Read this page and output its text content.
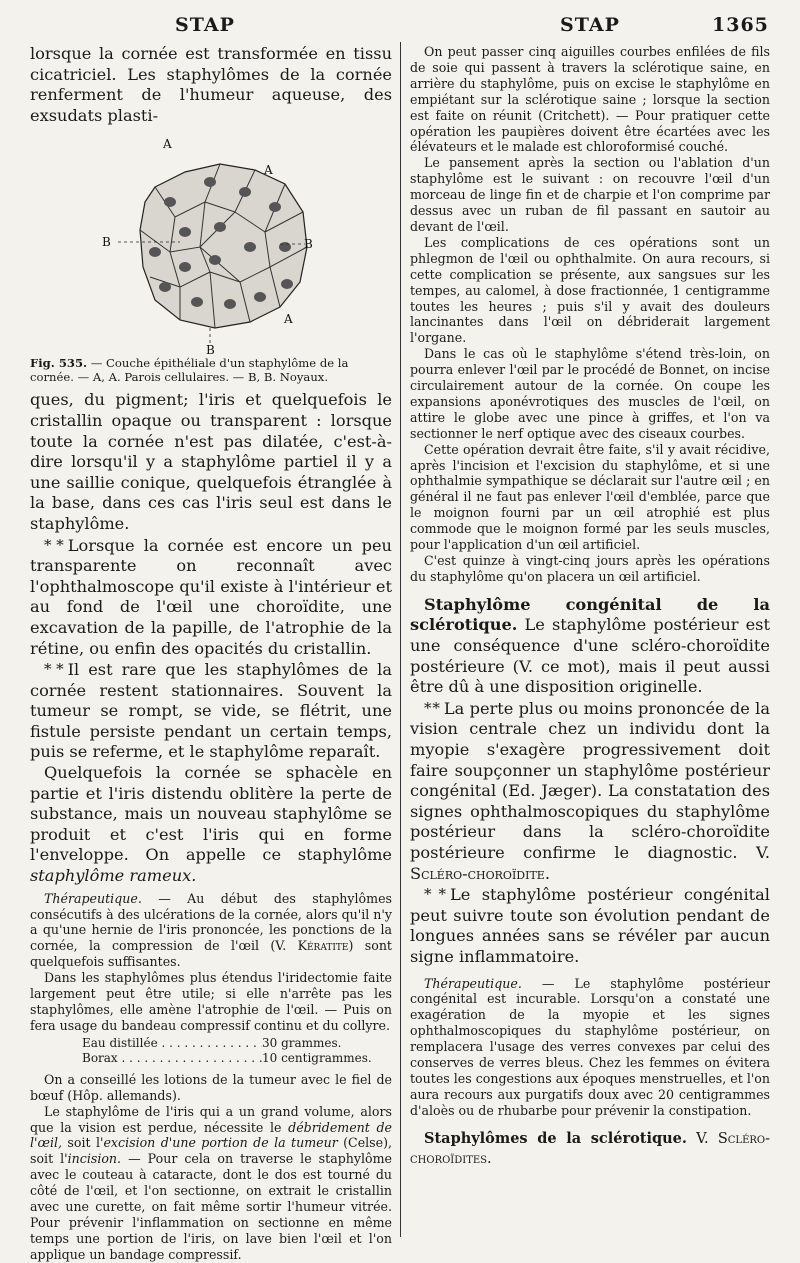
STAP	STAP	1365

lorsque la cornée est transformée en tissu cicatriciel. Les staphylômes de la cornée renferment de l'humeur aqueuse, des exsudats plasti-

A
A
A
B	B
B
Fig. 535. — Couche épithéliale d'un staphylôme de la cornée. — A, A. Parois cellulaires. — B, B. Noyaux.

ques, du pigment; l'iris et quelquefois le cristallin opaque ou transparent : lorsque toute la cornée n'est pas dilatée, c'est-à-dire lorsqu'il y a staphylôme partiel il y a une saillie conique, quelquefois étranglée à la base, dans ces cas l'iris seul est dans le staphylôme.

* * Lorsque la cornée est encore un peu transparente on reconnaît avec l'ophthalmoscope qu'il existe à l'intérieur et au fond de l'œil une choroïdite, une excavation de la papille, de l'atrophie de la rétine, ou enfin des opacités du cristallin.

* * Il est rare que les staphylômes de la cornée restent stationnaires. Souvent la tumeur se rompt, se vide, se flétrit, une fistule persiste pendant un certain temps, puis se referme, et le staphylôme reparaît.

Quelquefois la cornée se sphacèle en partie et l'iris distendu oblitère la perte de substance, mais un nouveau staphylôme se produit et c'est l'iris qui en forme l'enveloppe. On appelle ce staphylôme staphylôme rameux.

Thérapeutique. — Au début des staphylômes consécutifs à des ulcérations de la cornée, alors qu'il n'y a qu'une hernie de l'iris prononcée, les ponctions de la cornée, la compression de l'œil (V. Kératite) sont quelquefois suffisantes.

Dans les staphylômes plus étendus l'iridectomie faite largement peut être utile; si elle n'arrête pas les staphylômes, elle amène l'atrophie de l'œil. — Puis on fera usage du bandeau compressif continu et du collyre.

Eau distillée . . .	30 grammes.
Borax . . .	10 centigrammes.

On a conseillé les lotions de la tumeur avec le fiel de bœuf (Hôp. allemands).

Le staphylôme de l'iris qui a un grand volume, alors que la vision est perdue, nécessite le débridement de l'œil, soit l'excision d'une portion de la tumeur (Celse), soit l'incision. — Pour cela on traverse le staphylôme avec le couteau à cataracte, dont le dos est tourné du côté de l'œil, et l'on sectionne, on extrait le cristallin avec une curette, on fait même sortir l'humeur vitrée. Pour prévenir l'inflammation on sectionne en même temps une portion de l'iris, on lave bien l'œil et l'on applique un bandage compressif.

On peut passer cinq aiguilles courbes enfilées de fils de soie qui passent à travers la sclérotique saine, en arrière du staphylôme, puis on excise le staphylôme en empiétant sur la sclérotique saine ; lorsque la section est faite on réunit (Critchett). — Pour pratiquer cette opération les paupières doivent être écartées avec les élévateurs et le malade est chloroformisé couché.

Le pansement après la section ou l'ablation d'un staphylôme est le suivant : on recouvre l'œil d'un morceau de linge fin et de charpie et l'on comprime par dessus avec un ruban de fil passant en sautoir au devant de l'œil.

Les complications de ces opérations sont un phlegmon de l'œil ou ophthalmite. On aura recours, si cette complication se présente, aux sangsues sur les tempes, au calomel, à dose fractionnée, 1 centigramme toutes les heures ; puis s'il y avait des douleurs lancinantes dans l'œil on débriderait largement l'organe.

Dans le cas où le staphylôme s'étend très-loin, on pourra enlever l'œil par le procédé de Bonnet, on incise circulairement autour de la cornée. On coupe les expansions aponévrotiques des muscles de l'œil, on attire le globe avec une pince à griffes, et l'on va sectionner le nerf optique avec des ciseaux courbes.

Cette opération devrait être faite, s'il y avait récidive, après l'incision et l'excision du staphylôme, et si une ophthalmie sympathique se déclarait sur l'autre œil ; en général il ne faut pas enlever l'œil d'emblée, parce que le moignon fourni par un œil atrophié est plus commode que le moignon formé par les seuls muscles, pour l'application d'un œil artificiel.

C'est quinze à vingt-cinq jours après les opérations du staphylôme qu'on placera un œil artificiel.

Staphylôme congénital de la sclérotique. Le staphylôme postérieur est une conséquence d'une scléro-choroïdite postérieure (V. ce mot), mais il peut aussi être dû à une disposition originelle.

* * La perte plus ou moins prononcée de la vision centrale chez un individu dont la myopie s'exagère progressivement doit faire soupçonner un staphylôme postérieur congénital (Ed. Jæger). La constatation des signes ophthalmoscopiques du staphylôme postérieur dans la scléro-choroïdite postérieure confirme le diagnostic. V. Scléro-choroïdite.

* * Le staphylôme postérieur congénital peut suivre toute son évolution pendant de longues années sans se révéler par aucun signe inflammatoire.

Thérapeutique. — Le staphylôme postérieur congénital est incurable. Lorsqu'on a constaté une exagération de la myopie et les signes ophthalmoscopiques du staphylôme postérieur, on remplacera l'usage des verres convexes par celui des conserves de verres bleus. Chez les femmes on évitera toutes les congestions aux époques menstruelles, et l'on aura recours aux purgatifs doux avec 20 centigrammes d'aloès ou de rhubarbe pour prévenir la constipation.

Staphylômes de la sclérotique. V. Scléro-choroïdites.
